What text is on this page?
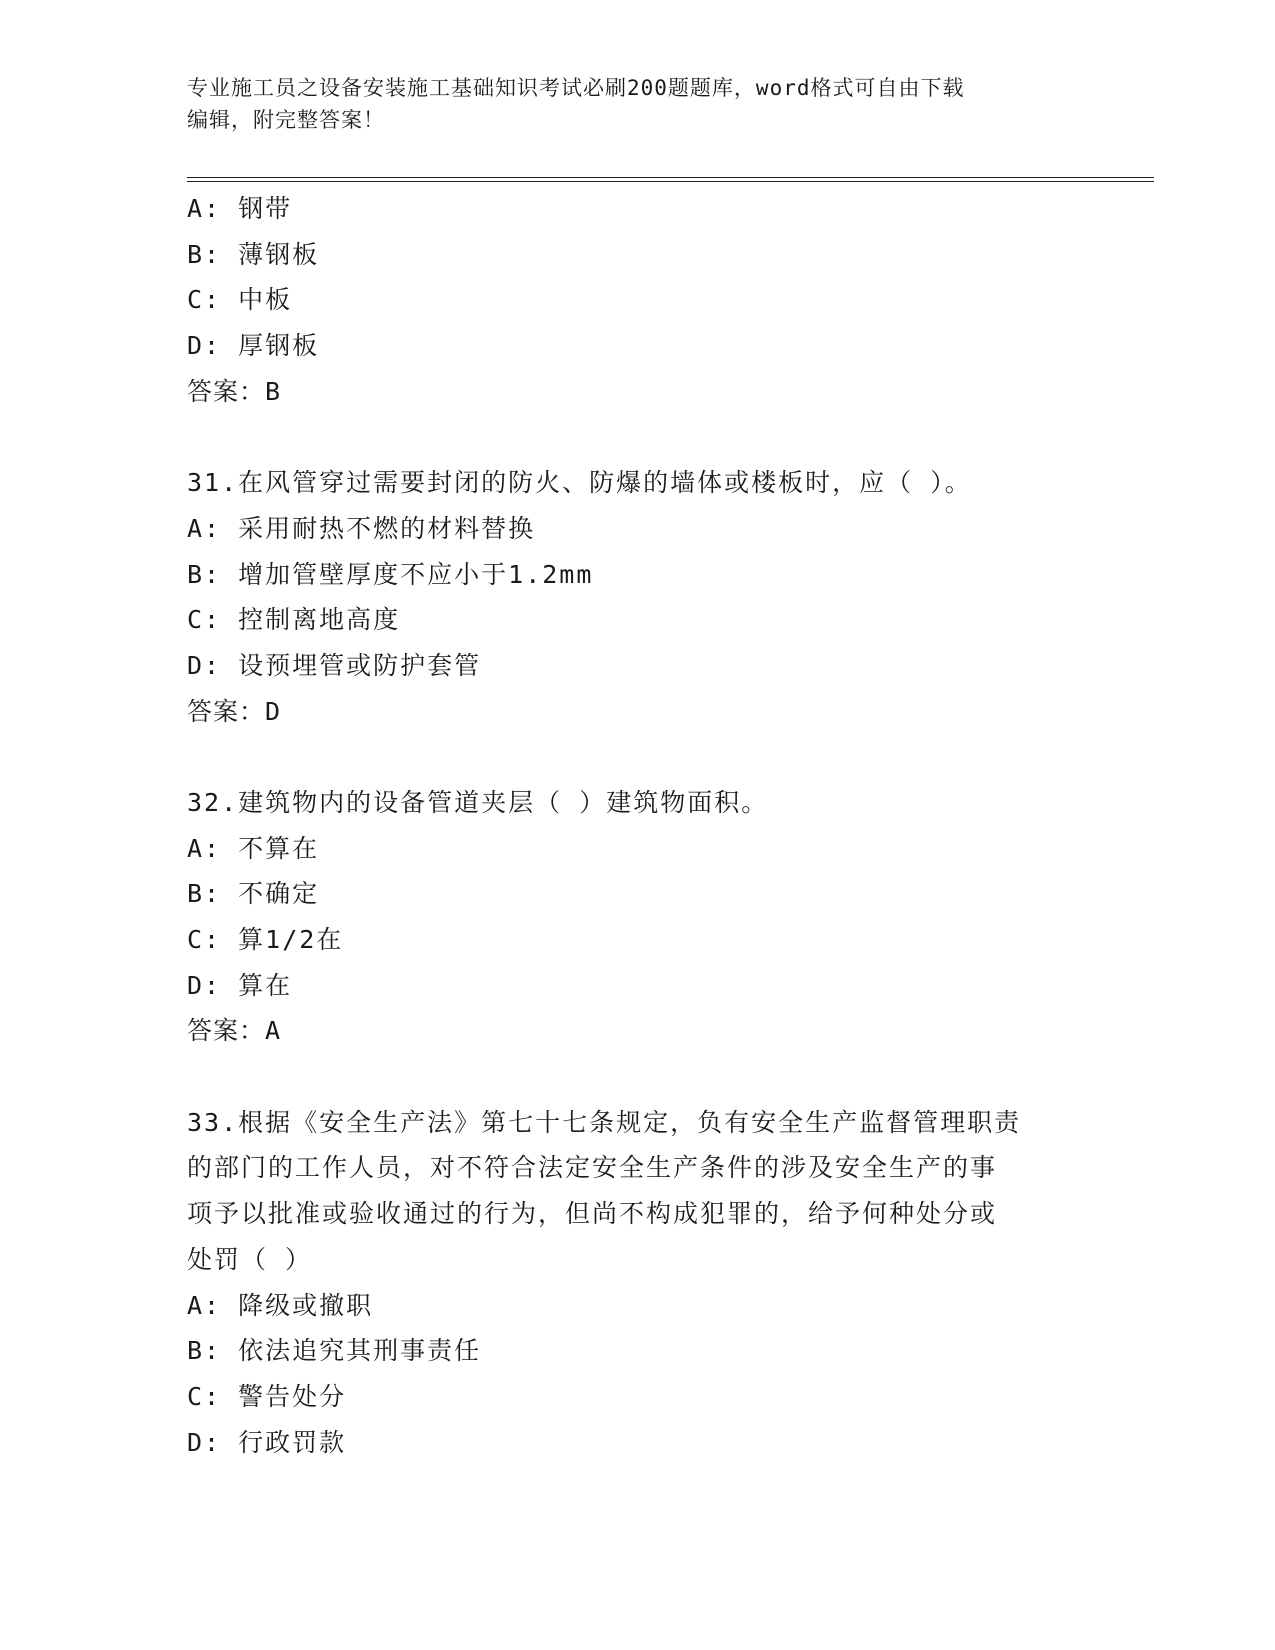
专业施工员之设备安装施工基础知识考试必刷200题题库，word格式可自由下载
编辑，附完整答案！
A: 钢带
B: 薄钢板
C: 中板
D: 厚钢板
答案：B
31.在风管穿过需要封闭的防火、防爆的墙体或楼板时，应（ ）。
A: 采用耐热不燃的材料替换
B: 增加管壁厚度不应小于1.2mm
C: 控制离地高度
D: 设预埋管或防护套管
答案：D
32.建筑物内的设备管道夹层（ ）建筑物面积。
A: 不算在
B: 不确定
C: 算1/2在
D: 算在
答案：A
33.根据《安全生产法》第七十七条规定，负有安全生产监督管理职责
的部门的工作人员，对不符合法定安全生产条件的涉及安全生产的事
项予以批准或验收通过的行为，但尚不构成犯罪的，给予何种处分或
处罚（ ）
A: 降级或撤职
B: 依法追究其刑事责任
C: 警告处分
D: 行政罚款
